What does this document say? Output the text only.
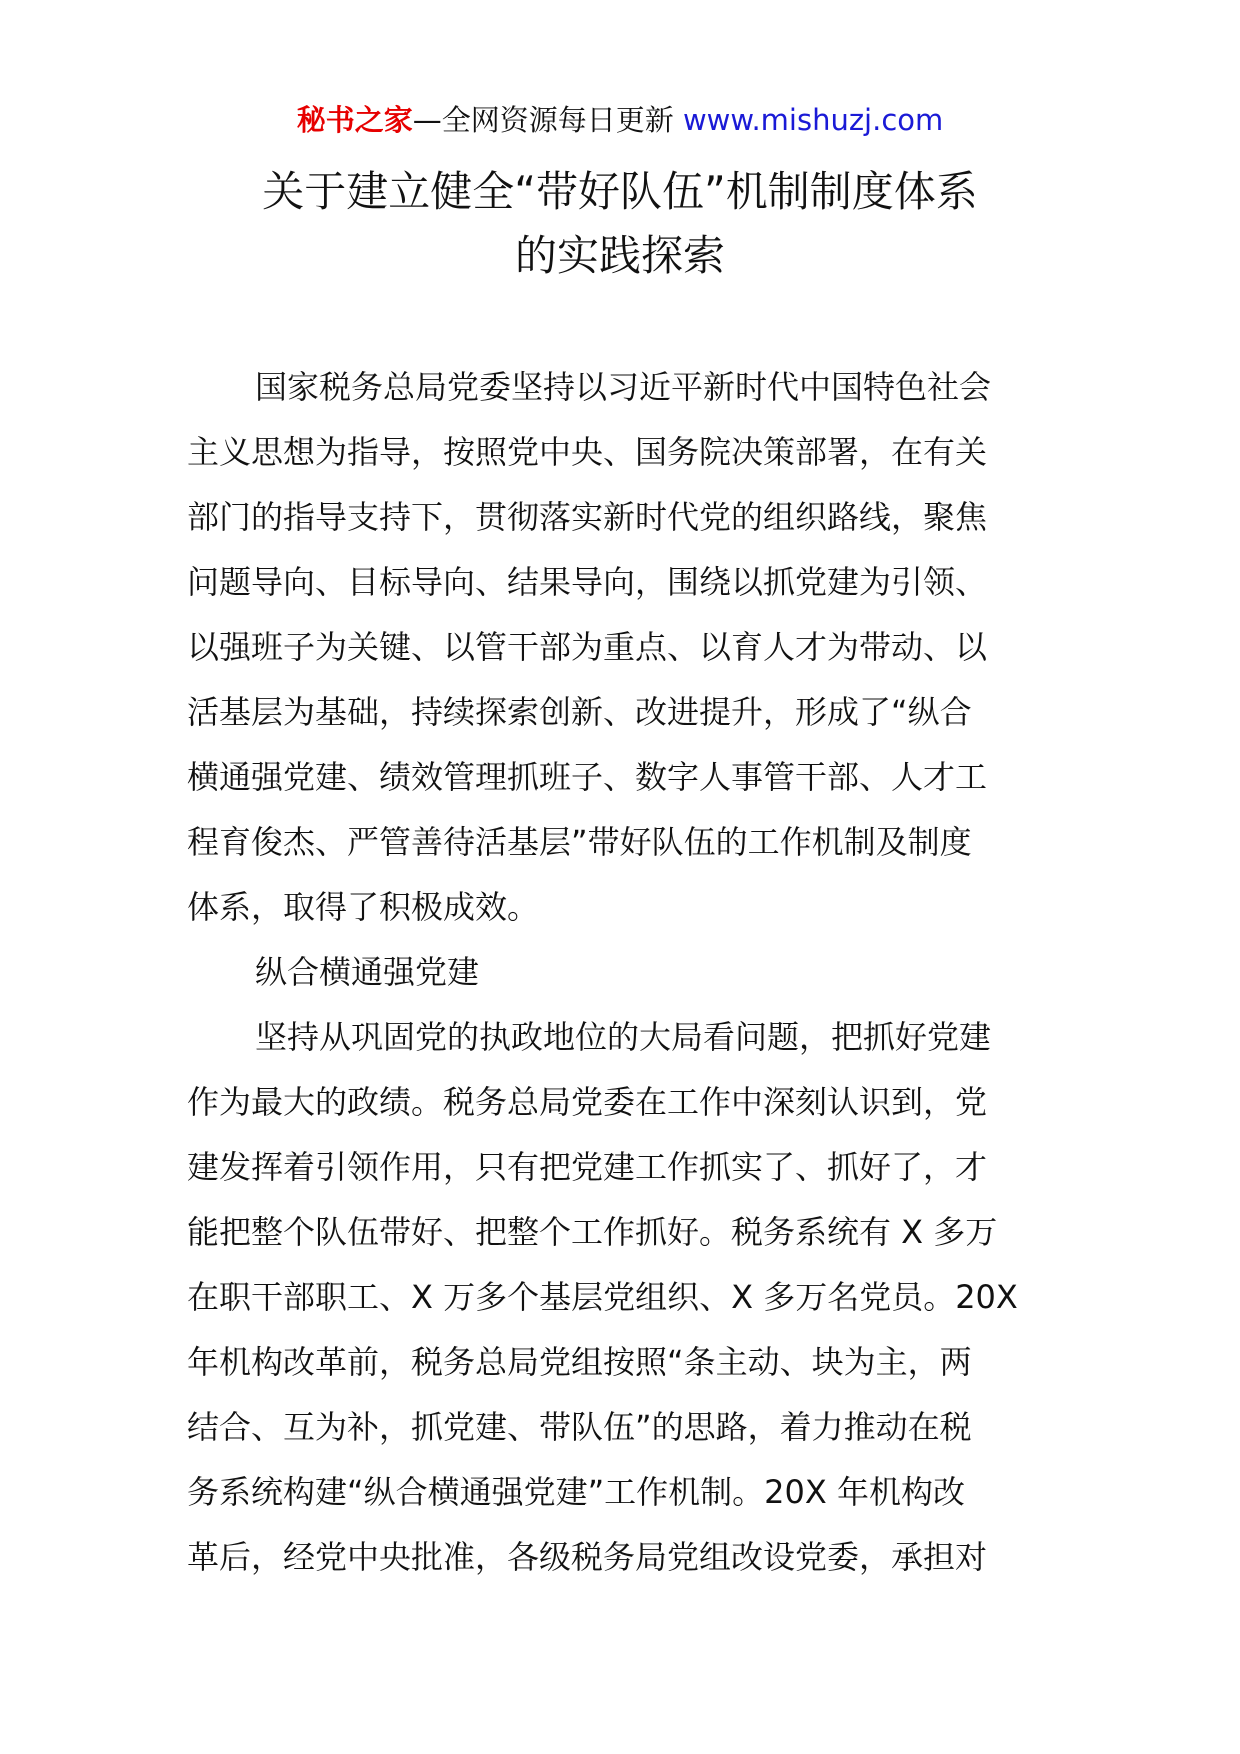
秘书之家—全网资源每日更新 www.mishuzj.com
关于建立健全“带好队伍”机制制度体系
的实践探索
国家税务总局党委坚持以习近平新时代中国特色社会
主义思想为指导，按照党中央、国务院决策部署，在有关
部门的指导支持下，贯彻落实新时代党的组织路线，聚焦
问题导向、目标导向、结果导向，围绕以抓党建为引领、
以强班子为关键、以管干部为重点、以育人才为带动、以
活基层为基础，持续探索创新、改进提升，形成了“纵合
横通强党建、绩效管理抓班子、数字人事管干部、人才工
程育俊杰、严管善待活基层”带好队伍的工作机制及制度
体系，取得了积极成效。
纵合横通强党建
坚持从巩固党的执政地位的大局看问题，把抓好党建
作为最大的政绩。税务总局党委在工作中深刻认识到，党
建发挥着引领作用，只有把党建工作抓实了、抓好了，才
能把整个队伍带好、把整个工作抓好。税务系统有 X 多万
在职干部职工、X 万多个基层党组织、X 多万名党员。20X
年机构改革前，税务总局党组按照“条主动、块为主，两
结合、互为补，抓党建、带队伍”的思路，着力推动在税
务系统构建“纵合横通强党建”工作机制。20X 年机构改
革后，经党中央批准，各级税务局党组改设党委，承担对
